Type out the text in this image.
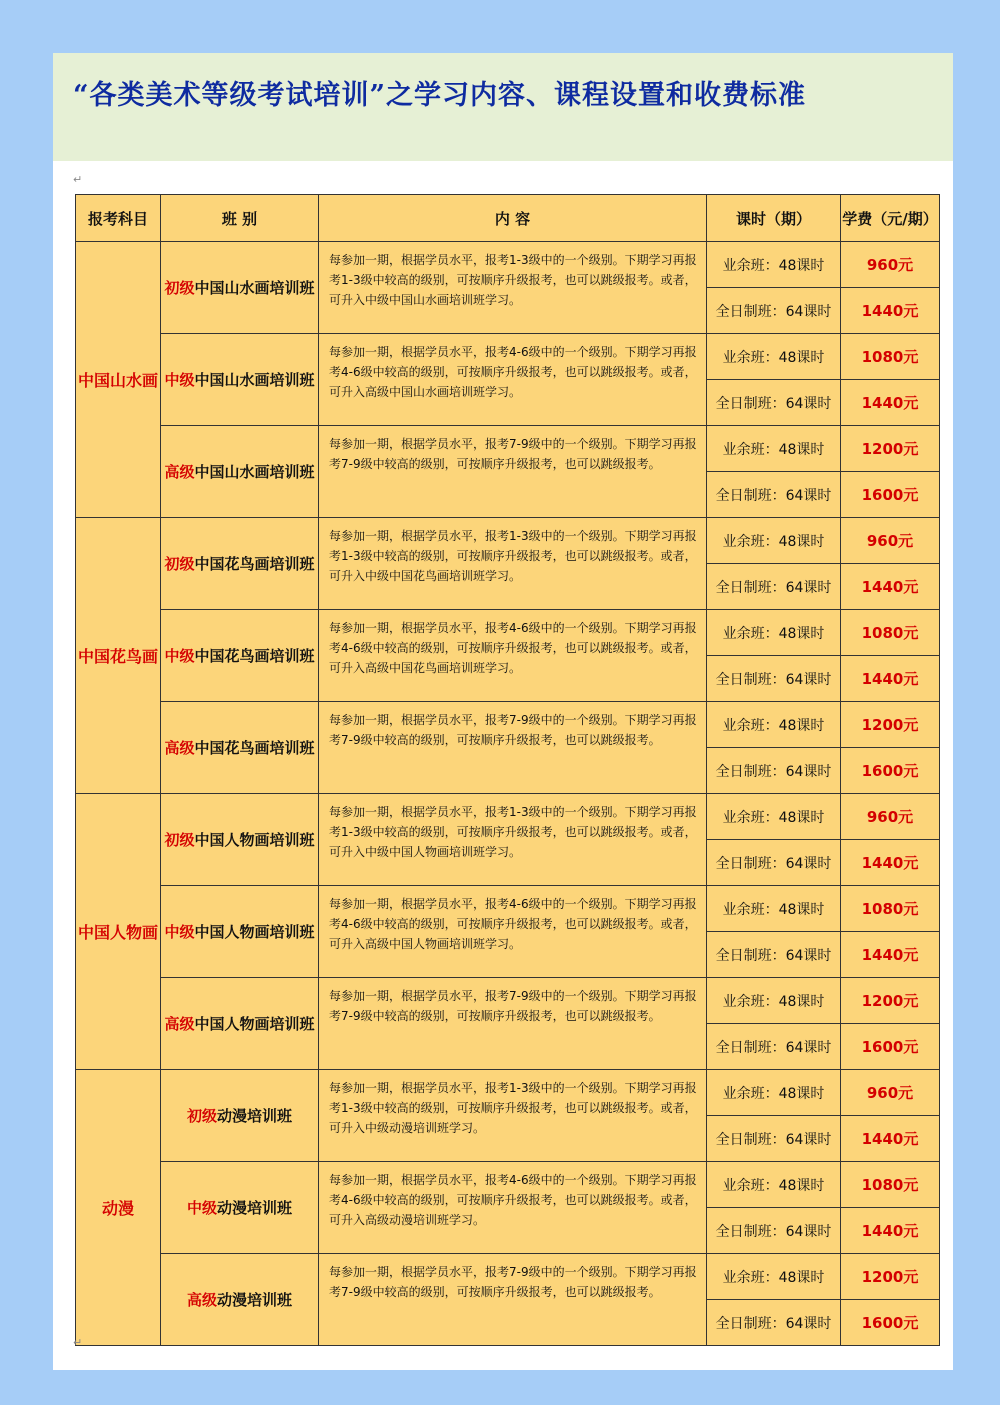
“各类美术等级考试培训”之学习内容、课程设置和收费标准
↵
报考科目	班 别	内 容	课时（期）	学费（元/期）
中国山水画	初级中国山水画培训班	每参加一期，根据学员水平，报考1-3级中的一个级别。下期学习再报考1-3级中较高的级别，可按顺序升级报考，也可以跳级报考。或者，可升入中级中国山水画培训班学习。	业余班：48课时	960元
			全日制班：64课时	1440元
	中级中国山水画培训班	每参加一期，根据学员水平，报考4-6级中的一个级别。下期学习再报考4-6级中较高的级别，可按顺序升级报考，也可以跳级报考。或者，可升入高级中国山水画培训班学习。	业余班：48课时	1080元
			全日制班：64课时	1440元
	高级中国山水画培训班	每参加一期，根据学员水平，报考7-9级中的一个级别。下期学习再报考7-9级中较高的级别，可按顺序升级报考，也可以跳级报考。	业余班：48课时	1200元
			全日制班：64课时	1600元
中国花鸟画	初级中国花鸟画培训班	每参加一期，根据学员水平，报考1-3级中的一个级别。下期学习再报考1-3级中较高的级别，可按顺序升级报考，也可以跳级报考。或者，可升入中级中国花鸟画培训班学习。	业余班：48课时	960元
			全日制班：64课时	1440元
	中级中国花鸟画培训班	每参加一期，根据学员水平，报考4-6级中的一个级别。下期学习再报考4-6级中较高的级别，可按顺序升级报考，也可以跳级报考。或者，可升入高级中国花鸟画培训班学习。	业余班：48课时	1080元
			全日制班：64课时	1440元
	高级中国花鸟画培训班	每参加一期，根据学员水平，报考7-9级中的一个级别。下期学习再报考7-9级中较高的级别，可按顺序升级报考，也可以跳级报考。	业余班：48课时	1200元
			全日制班：64课时	1600元
中国人物画	初级中国人物画培训班	每参加一期，根据学员水平，报考1-3级中的一个级别。下期学习再报考1-3级中较高的级别，可按顺序升级报考，也可以跳级报考。或者，可升入中级中国人物画培训班学习。	业余班：48课时	960元
			全日制班：64课时	1440元
	中级中国人物画培训班	每参加一期，根据学员水平，报考4-6级中的一个级别。下期学习再报考4-6级中较高的级别，可按顺序升级报考，也可以跳级报考。或者，可升入高级中国人物画培训班学习。	业余班：48课时	1080元
			全日制班：64课时	1440元
	高级中国人物画培训班	每参加一期，根据学员水平，报考7-9级中的一个级别。下期学习再报考7-9级中较高的级别，可按顺序升级报考，也可以跳级报考。	业余班：48课时	1200元
			全日制班：64课时	1600元
动漫	初级动漫培训班	每参加一期，根据学员水平，报考1-3级中的一个级别。下期学习再报考1-3级中较高的级别，可按顺序升级报考，也可以跳级报考。或者，可升入中级动漫培训班学习。	业余班：48课时	960元
			全日制班：64课时	1440元
	中级动漫培训班	每参加一期，根据学员水平，报考4-6级中的一个级别。下期学习再报考4-6级中较高的级别，可按顺序升级报考，也可以跳级报考。或者，可升入高级动漫培训班学习。	业余班：48课时	1080元
			全日制班：64课时	1440元
	高级动漫培训班	每参加一期，根据学员水平，报考7-9级中的一个级别。下期学习再报考7-9级中较高的级别，可按顺序升级报考，也可以跳级报考。	业余班：48课时	1200元
			全日制班：64课时	1600元
↵
